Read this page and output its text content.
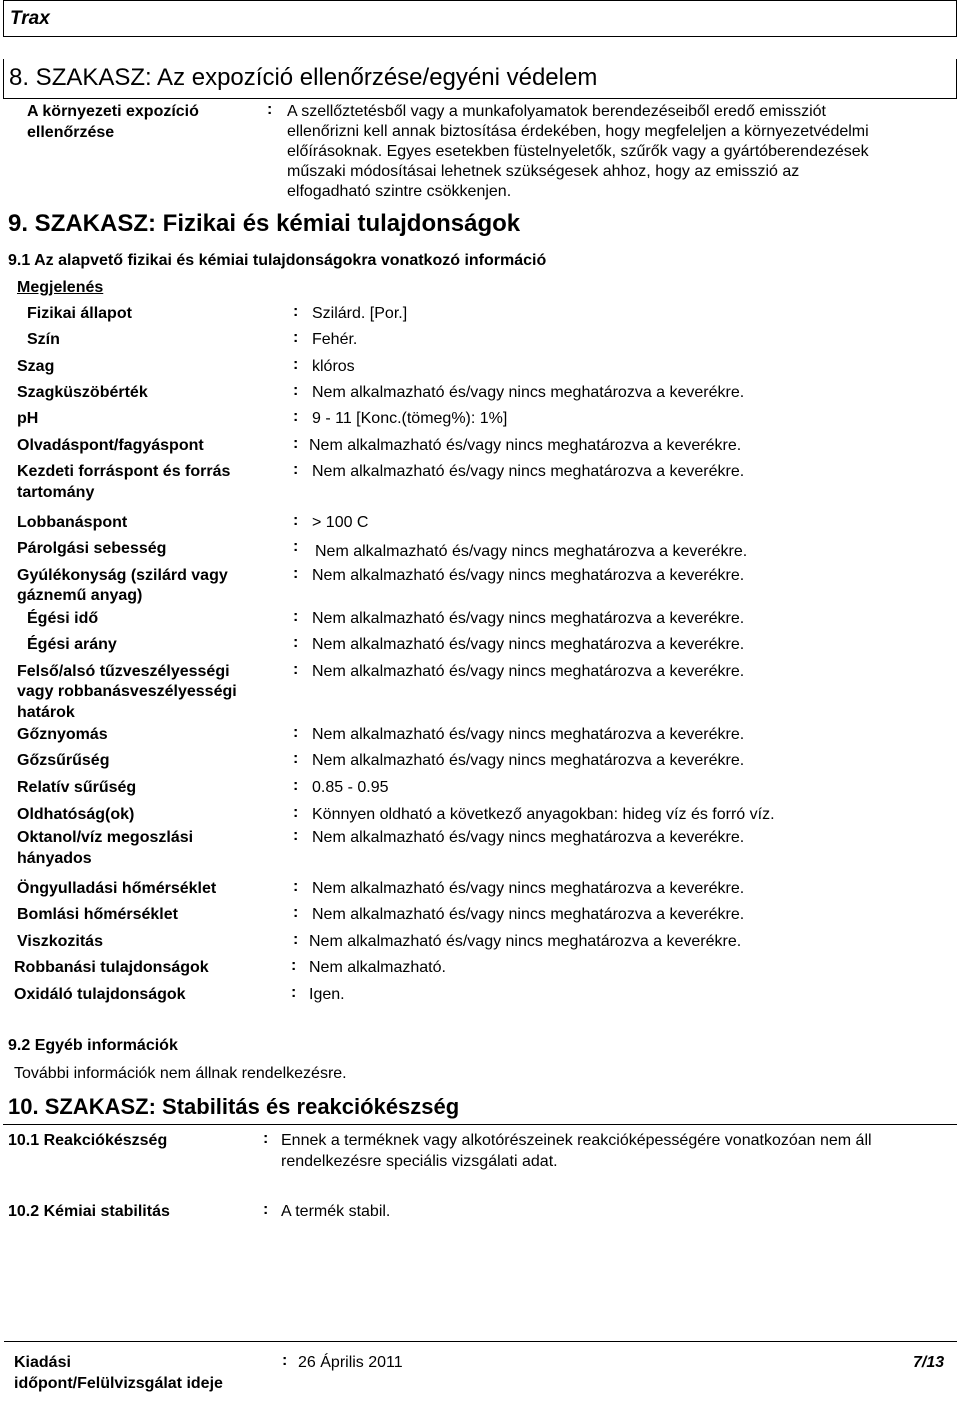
Trax
8. SZAKASZ: Az expozíció ellenőrzése/egyéni védelem
A környezeti expozíció
ellenőrzése
: A szellőztetésből vagy a munkafolyamatok berendezéseiből eredő emissziót
ellenőrizni kell annak biztosítása érdekében, hogy megfeleljen a környezetvédelmi
előírásoknak. Egyes esetekben füstelnyeletők, szűrők vagy a gyártóberendezések
műszaki módosításai lehetnek szükségesek ahhoz, hogy az emisszió az
elfogadható szintre csökkenjen.
9. SZAKASZ: Fizikai és kémiai tulajdonságok
9.1 Az alapvető fizikai és kémiai tulajdonságokra vonatkozó információ
Megjelenés
Fizikai állapot	: Szilárd. [Por.]
Szín	: Fehér.
Szag	: klóros
Szagküszöbérték	: Nem alkalmazható és/vagy nincs meghatározva a keverékre.
pH	: 9 - 11 [Konc.(tömeg%): 1%]
Olvadáspont/fagyáspont	: Nem alkalmazható és/vagy nincs meghatározva a keverékre.
Kezdeti forráspont és forrás
tartomány
: Nem alkalmazható és/vagy nincs meghatározva a keverékre.
Lobbanáspont	: > 100 C
Párolgási sebesség	: Nem alkalmazható és/vagy nincs meghatározva a keverékre.
Gyúlékonyság (szilárd vagy
gáznemű anyag)
: Nem alkalmazható és/vagy nincs meghatározva a keverékre.
Égési idő	: Nem alkalmazható és/vagy nincs meghatározva a keverékre.
Égési arány	: Nem alkalmazható és/vagy nincs meghatározva a keverékre.
Felső/alsó tűzveszélyességi
vagy robbanásveszélyességi
határok
: Nem alkalmazható és/vagy nincs meghatározva a keverékre.
Gőznyomás	: Nem alkalmazható és/vagy nincs meghatározva a keverékre.
Gőzsűrűség	: Nem alkalmazható és/vagy nincs meghatározva a keverékre.
Relatív sűrűség	: 0.85 - 0.95
Oldhatóság(ok)	: Könnyen oldható a következő anyagokban: hideg víz és forró víz.
Oktanol/víz megoszlási
hányados
: Nem alkalmazható és/vagy nincs meghatározva a keverékre.
Öngyulladási hőmérséklet	: Nem alkalmazható és/vagy nincs meghatározva a keverékre.
Bomlási hőmérséklet	: Nem alkalmazható és/vagy nincs meghatározva a keverékre.
Viszkozitás	: Nem alkalmazható és/vagy nincs meghatározva a keverékre.
Robbanási tulajdonságok	: Nem alkalmazható.
Oxidáló tulajdonságok	: Igen.
9.2 Egyéb információk
További információk nem állnak rendelkezésre.
10. SZAKASZ: Stabilitás és reakciókészség
10.1 Reakciókészség	: Ennek a terméknek vagy alkotórészeinek reakcióképességére vonatkozóan nem áll
rendelkezésre speciális vizsgálati adat.
10.2 Kémiai stabilitás	: A termék stabil.
Kiadási
időpont/Felülvizsgálat ideje
: 26 Április 2011	7/13
